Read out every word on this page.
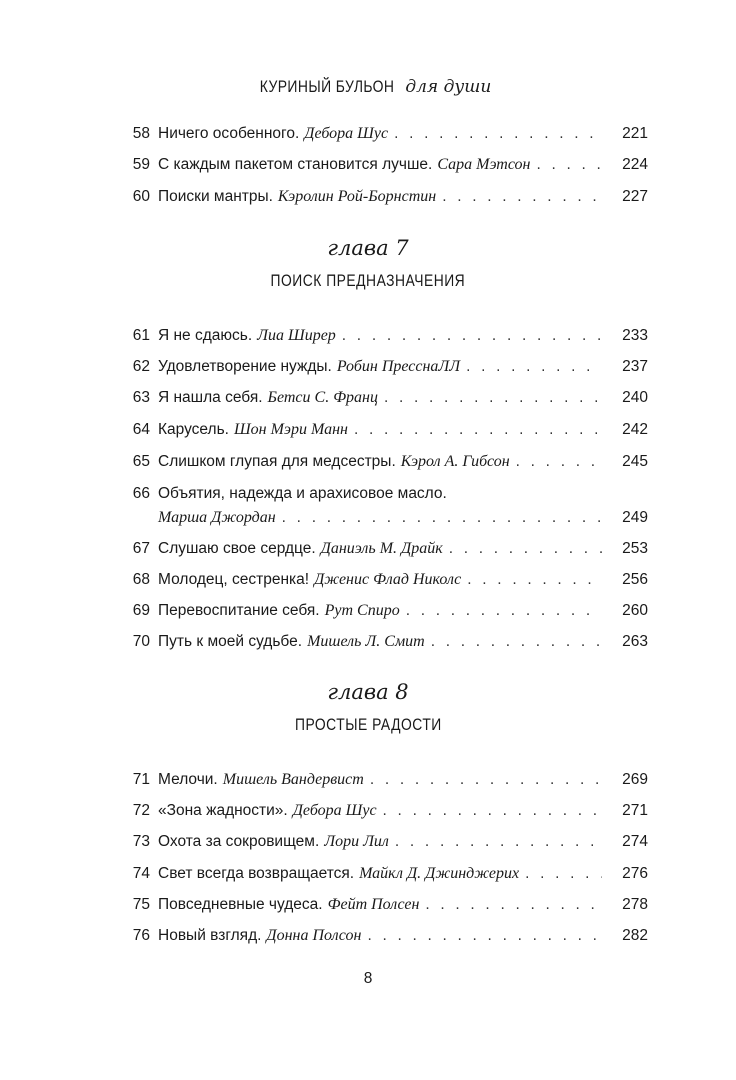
КУРИНЫЙ БУЛЬОН для души
58 Ничего особенного. Дебора Шус . . .	221
59 С каждым пакетом становится лучше. Сара Мэтсон . . .	224
60 Поиски мантры. Кэролин Рой-Борнстин . . .	227
глава 7
ПОИСК ПРЕДНАЗНАЧЕНИЯ
61 Я не сдаюсь. Лиа Ширер . . .	233
62 Удовлетворение нужды. Робин ПресснаЛЛ . . .	237
63 Я нашла себя. Бетси С. Франц . . .	240
64 Карусель. Шон Мэри Манн . . .	242
65 Слишком глупая для медсестры. Кэрол А. Гибсон . . .	245
66 Объятия, надежда и арахисовое масло.
Марша Джордан . . .	249
67 Слушаю свое сердце. Даниэль М. Драйк . . .	253
68 Молодец, сестренка! Дженис Флад Николс . . .	256
69 Перевоспитание себя. Рут Спиро . . .	260
70 Путь к моей судьбе. Мишель Л. Смит . . .	263
глава 8
ПРОСТЫЕ РАДОСТИ
71 Мелочи. Мишель Вандервист . . .	269
72 «Зона жадности». Дебора Шус . . .	271
73 Охота за сокровищем. Лори Лил . . .	274
74 Свет всегда возвращается. Майкл Д. Джинджерих . . .	276
75 Повседневные чудеса. Фейт Полсен . . .	278
76 Новый взгляд. Донна Полсон . . .	282
8
